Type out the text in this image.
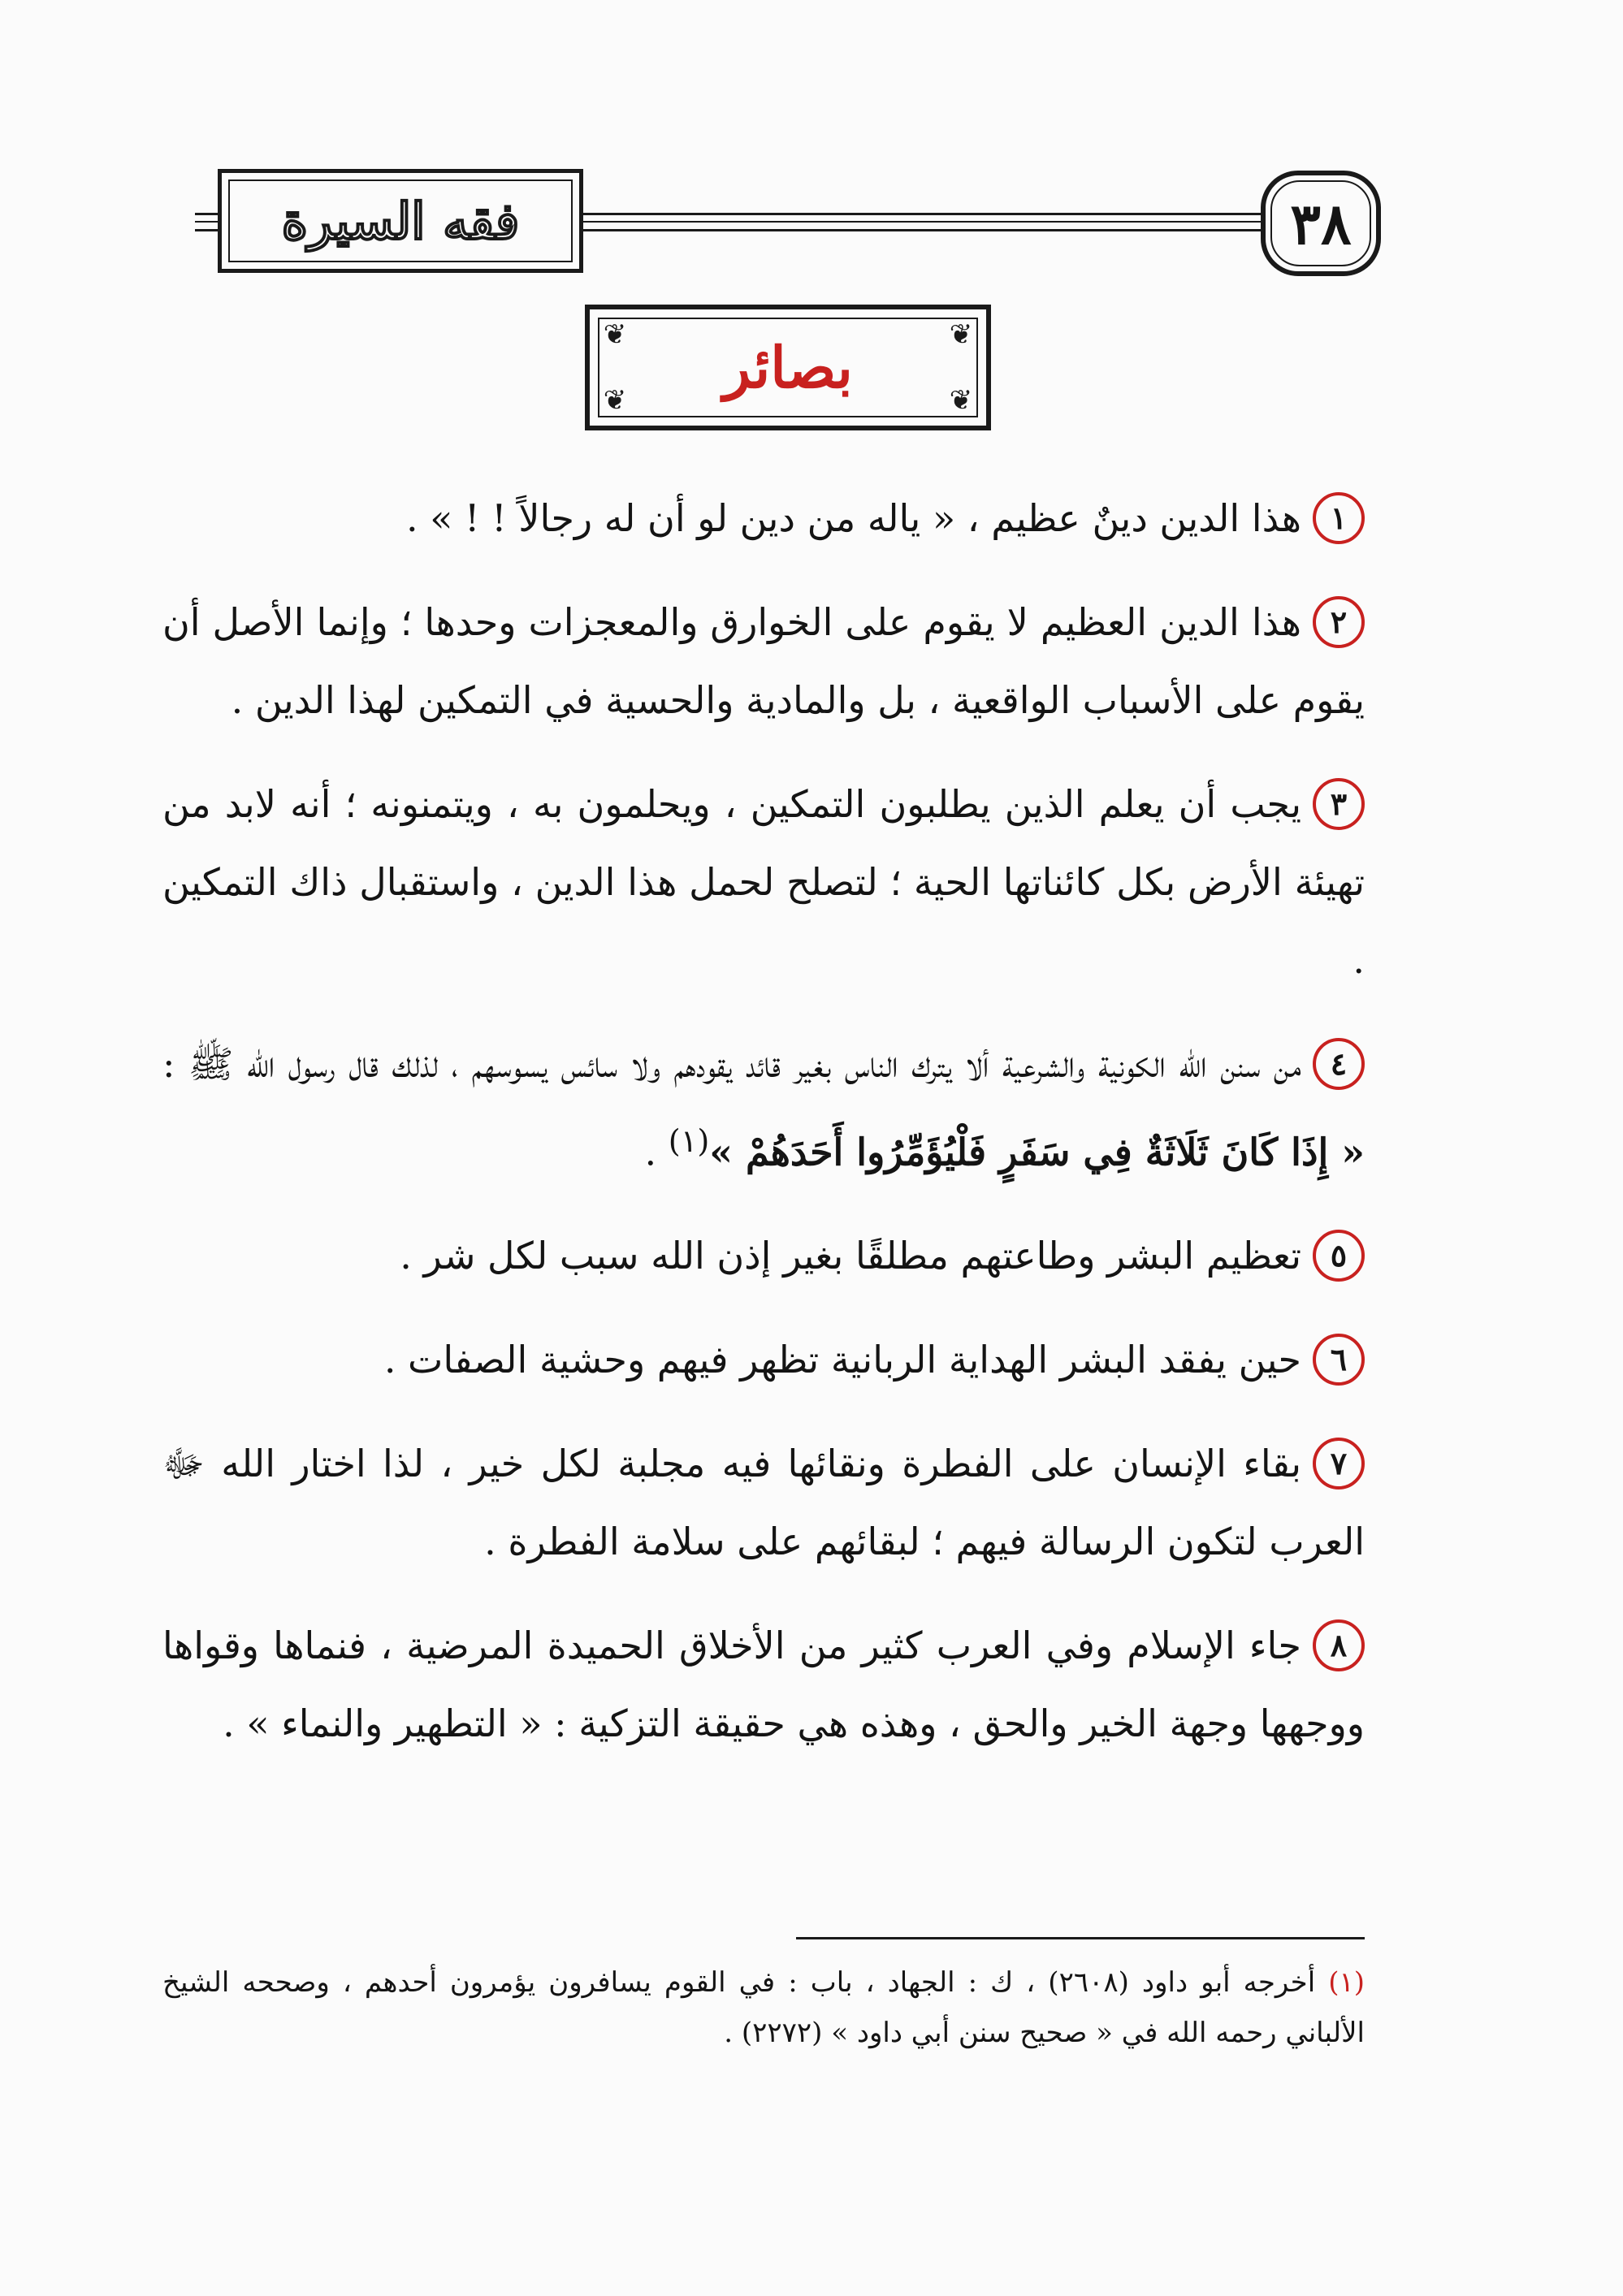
فقه السيرة	٣٨
❦	❦
❦	❦
بصائر
١هذا الدين دينٌ عظيم ، « ياله من دين لو أن له رجالاً ! ! » .
٢هذا الدين العظيم لا يقوم على الخوارق والمعجزات وحدها ؛ وإنما الأصل أن يقوم على الأسباب الواقعية ، بل والمادية والحسية في التمكين لهذا الدين .
٣يجب أن يعلم الذين يطلبون التمكين ، ويحلمون به ، ويتمنونه ؛ أنه لابد من تهيئة الأرض بكل كائناتها الحية ؛ لتصلح لحمل هذا الدين ، واستقبال ذاك التمكين .
٤من سنن الله الكونية والشرعية ألا يترك الناس بغير قائد يقودهم ولا سائس يسوسهم ، لذلك قال رسول الله ﷺ : « إِذَا كَانَ ثَلَاثَةٌ فِي سَفَرٍ فَلْيُؤَمِّرُوا أَحَدَهُمْ »$^{(١)}$ .
٥تعظيم البشر وطاعتهم مطلقًا بغير إذن الله سبب لكل شر .
٦حين يفقد البشر الهداية الربانية تظهر فيهم وحشية الصفات .
٧بقاء الإنسان على الفطرة ونقائها فيه مجلبة لكل خير ، لذا اختار الله ﷻ العرب لتكون الرسالة فيهم ؛ لبقائهم على سلامة الفطرة .
٨جاء الإسلام وفي العرب كثير من الأخلاق الحميدة المرضية ، فنماها وقواها ووجهها وجهة الخير والحق ، وهذه هي حقيقة التزكية : « التطهير والنماء » .
(١) أخرجه أبو داود (٢٦٠٨) ، ك : الجهاد ، باب : في القوم يسافرون يؤمرون أحدهم ، وصححه الشيخ الألباني رحمه الله في « صحيح سنن أبي داود » (٢٢٧٢) .
